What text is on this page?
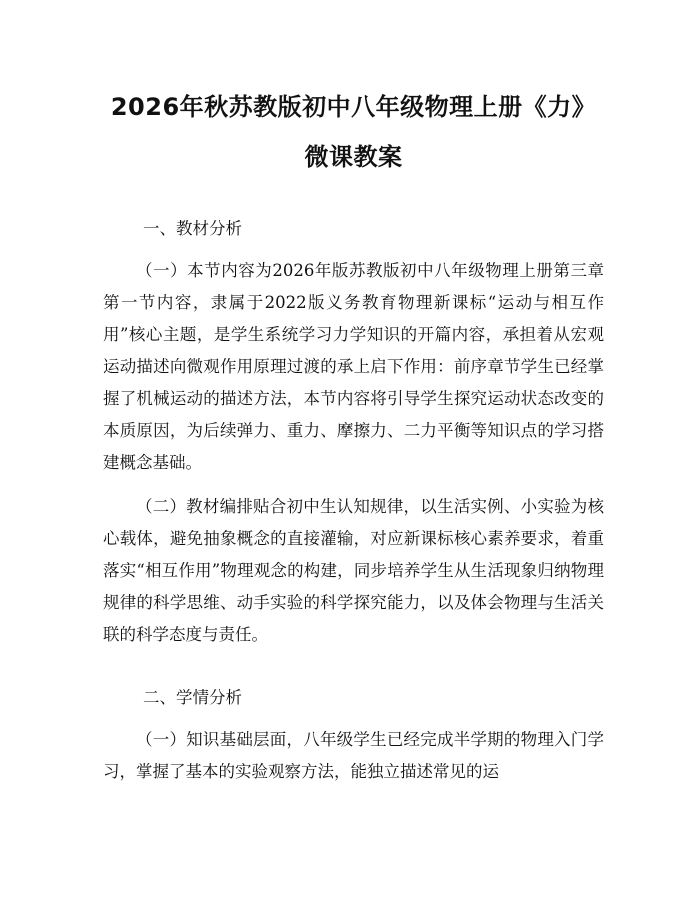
2026年秋苏教版初中八年级物理上册《力》
微课教案
一、教材分析

（一）本节内容为2026年版苏教版初中八年级物理上册第三章第一节内容，隶属于2022版义务教育物理新课标“运动与相互作用”核心主题，是学生系统学习力学知识的开篇内容，承担着从宏观运动描述向微观作用原理过渡的承上启下作用：前序章节学生已经掌握了机械运动的描述方法，本节内容将引导学生探究运动状态改变的本质原因，为后续弹力、重力、摩擦力、二力平衡等知识点的学习搭建概念基础。

（二）教材编排贴合初中生认知规律，以生活实例、小实验为核心载体，避免抽象概念的直接灌输，对应新课标核心素养要求，着重落实“相互作用”物理观念的构建，同步培养学生从生活现象归纳物理规律的科学思维、动手实验的科学探究能力，以及体会物理与生活关联的科学态度与责任。

二、学情分析

（一）知识基础层面，八年级学生已经完成半学期的物理入门学习，掌握了基本的实验观察方法，能独立描述常见的运
